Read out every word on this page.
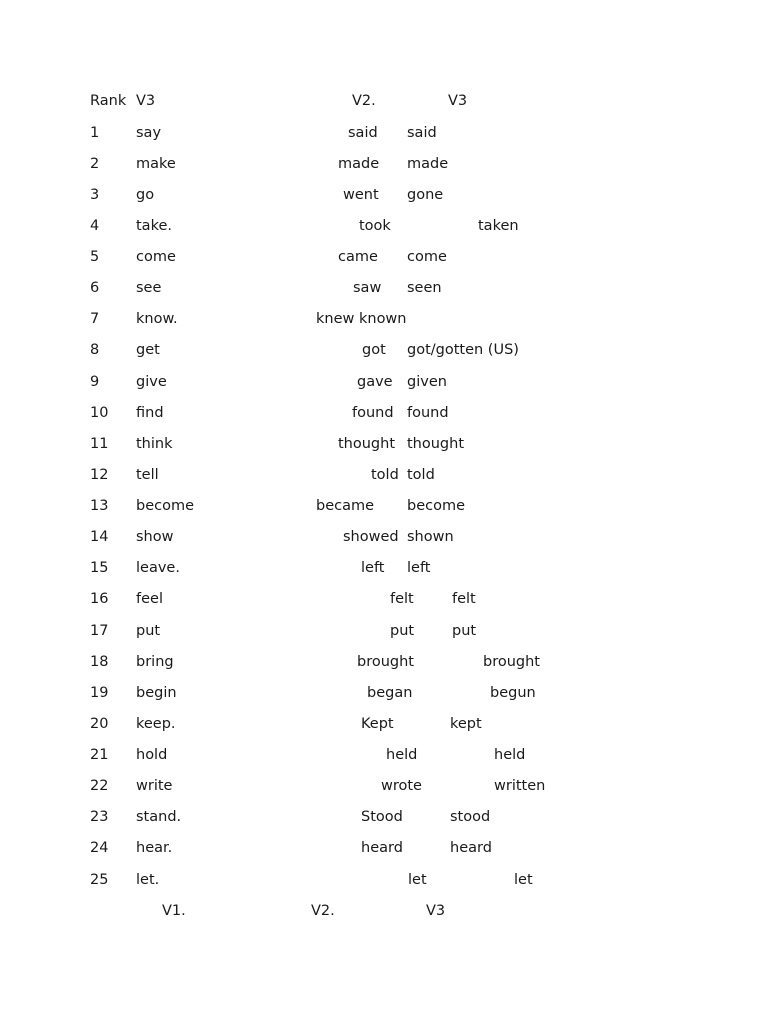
Rank V3	V2.	V3
1	say	said said
2	make	made made
3	go	went gone
4	take.	took	taken
5	come	came come
6	see	saw seen
7	know.	knew known
8	get	got got/gotten (US)
9	give	gave given
10 find	found found
11 think	thought thought
12 tell	told told
13 become	became become
14 show	showed shown
15 leave.	left left
16 feel	felt	felt
17 put	put	put
18 bring	brought	brought
19 begin	began	begun
20 keep.	Kept	kept
21 hold	held	held
22 write	wrote	written
23 stand.	Stood	stood
24 hear.	heard	heard
25 let.	let	let
V1.	V2.	V3
